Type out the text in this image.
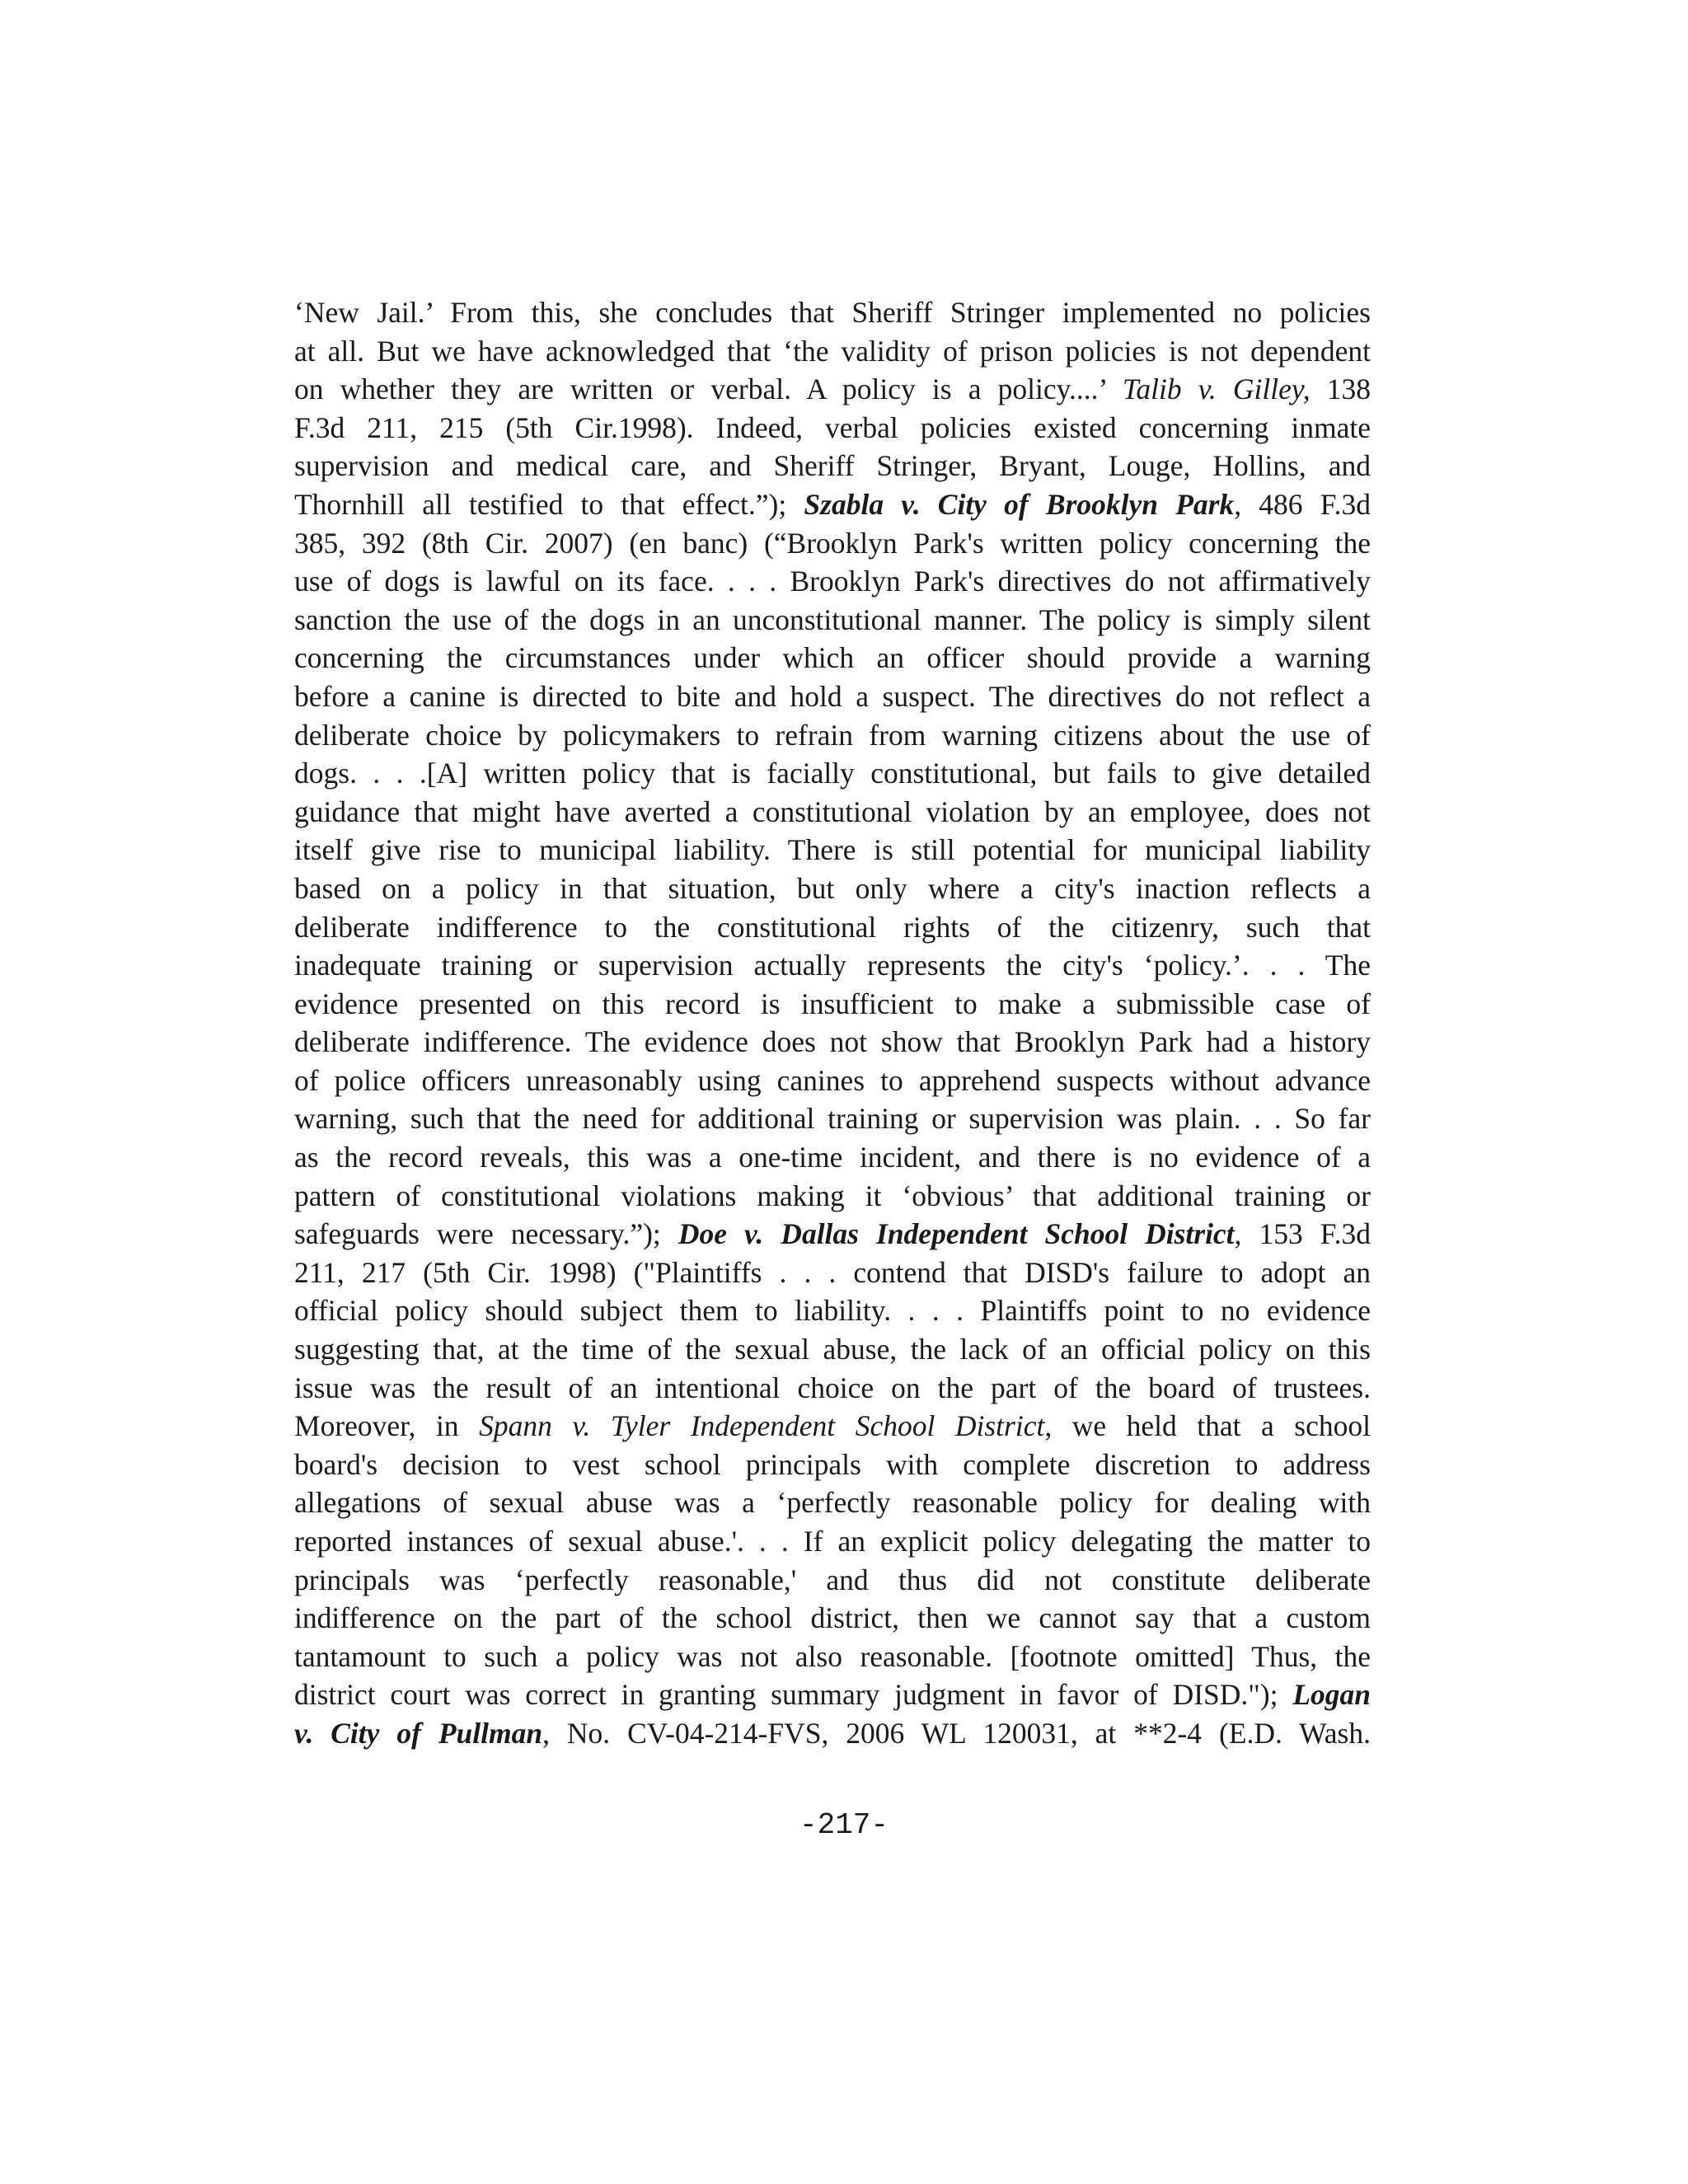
‘New Jail.’ From this, she concludes that Sheriff Stringer implemented no policies
at all. But we have acknowledged that ‘the validity of prison policies is not dependent
on whether they are written or verbal. A policy is a policy....’ Talib v. Gilley, 138
F.3d 211, 215 (5th Cir.1998). Indeed, verbal policies existed concerning inmate
supervision and medical care, and Sheriff Stringer, Bryant, Louge, Hollins, and
Thornhill all testified to that effect.”); Szabla v. City of Brooklyn Park, 486 F.3d
385, 392 (8th Cir. 2007) (en banc) (“Brooklyn Park's written policy concerning the
use of dogs is lawful on its face. . . . Brooklyn Park's directives do not affirmatively
sanction the use of the dogs in an unconstitutional manner. The policy is simply silent
concerning the circumstances under which an officer should provide a warning
before a canine is directed to bite and hold a suspect. The directives do not reflect a
deliberate choice by policymakers to refrain from warning citizens about the use of
dogs. . . .[A] written policy that is facially constitutional, but fails to give detailed
guidance that might have averted a constitutional violation by an employee, does not
itself give rise to municipal liability. There is still potential for municipal liability
based on a policy in that situation, but only where a city's inaction reflects a
deliberate indifference to the constitutional rights of the citizenry, such that
inadequate training or supervision actually represents the city's ‘policy.’. . . The
evidence presented on this record is insufficient to make a submissible case of
deliberate indifference. The evidence does not show that Brooklyn Park had a history
of police officers unreasonably using canines to apprehend suspects without advance
warning, such that the need for additional training or supervision was plain. . . So far
as the record reveals, this was a one-time incident, and there is no evidence of a
pattern of constitutional violations making it ‘obvious’ that additional training or
safeguards were necessary.”); Doe v. Dallas Independent School District, 153 F.3d
211, 217 (5th Cir. 1998) ("Plaintiffs . . . contend that DISD's failure to adopt an
official policy should subject them to liability. . . . Plaintiffs point to no evidence
suggesting that, at the time of the sexual abuse, the lack of an official policy on this
issue was the result of an intentional choice on the part of the board of trustees.
Moreover, in Spann v. Tyler Independent School District, we held that a school
board's decision to vest school principals with complete discretion to address
allegations of sexual abuse was a ‘perfectly reasonable policy for dealing with
reported instances of sexual abuse.'. . . If an explicit policy delegating the matter to
principals was ‘perfectly reasonable,' and thus did not constitute deliberate
indifference on the part of the school district, then we cannot say that a custom
tantamount to such a policy was not also reasonable. [footnote omitted] Thus, the
district court was correct in granting summary judgment in favor of DISD."); Logan
v. City of Pullman, No. CV-04-214-FVS, 2006 WL 120031, at **2-4 (E.D. Wash.
-217-
